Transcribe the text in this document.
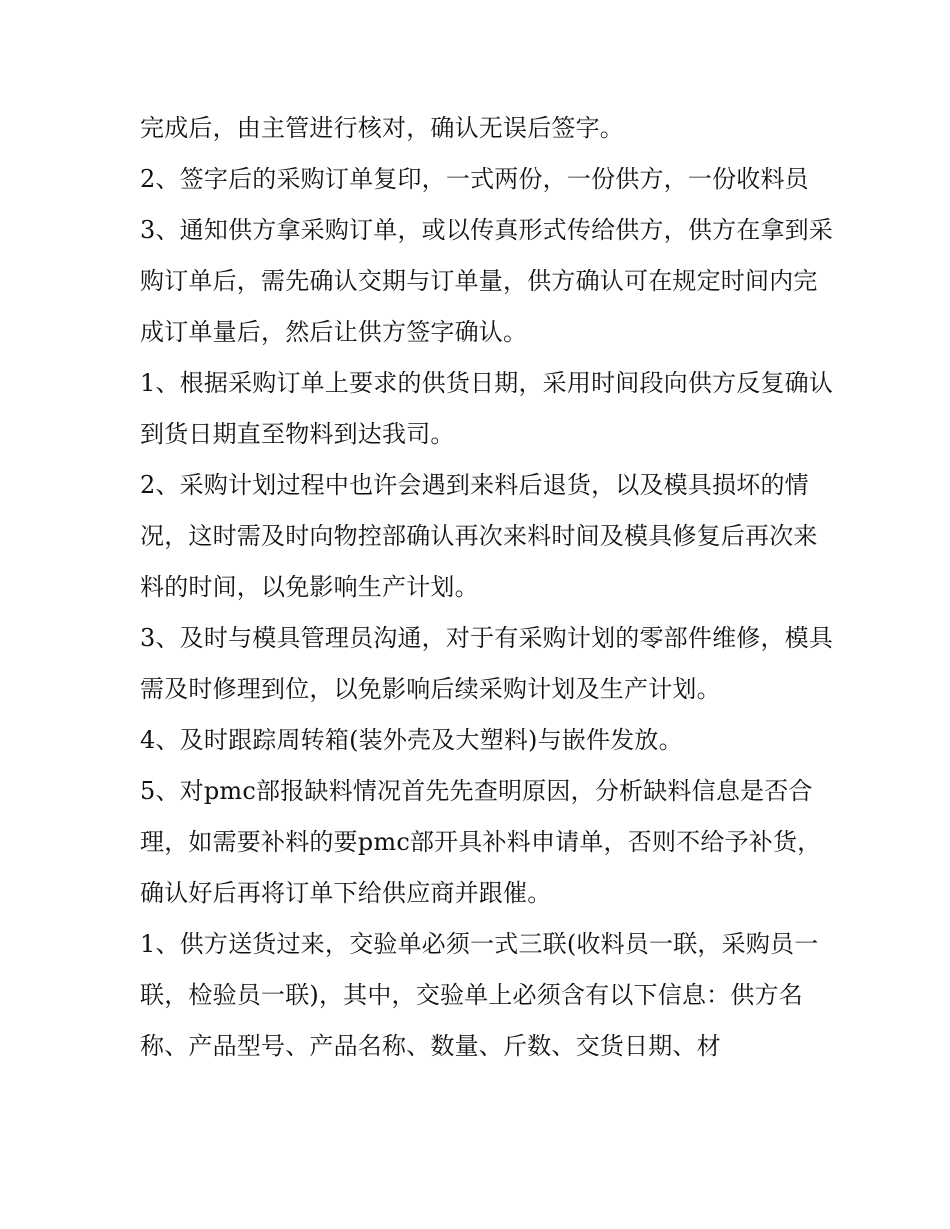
完成后，由主管进行核对，确认无误后签字。

2、签字后的采购订单复印，一式两份，一份供方，一份收料员

3、通知供方拿采购订单，或以传真形式传给供方，供方在拿到采购订单后，需先确认交期与订单量，供方确认可在规定时间内完成订单量后，然后让供方签字确认。

1、根据采购订单上要求的供货日期，采用时间段向供方反复确认到货日期直至物料到达我司。

2、采购计划过程中也许会遇到来料后退货，以及模具损坏的情况，这时需及时向物控部确认再次来料时间及模具修复后再次来料的时间，以免影响生产计划。

3、及时与模具管理员沟通，对于有采购计划的零部件维修，模具需及时修理到位，以免影响后续采购计划及生产计划。

4、及时跟踪周转箱(装外壳及大塑料)与嵌件发放。

5、对pmc部报缺料情况首先先查明原因，分析缺料信息是否合理，如需要补料的要pmc部开具补料申请单，否则不给予补货，确认好后再将订单下给供应商并跟催。

1、供方送货过来，交验单必须一式三联(收料员一联，采购员一联，检验员一联)，其中，交验单上必须含有以下信息：供方名称、产品型号、产品名称、数量、斤数、交货日期、材
